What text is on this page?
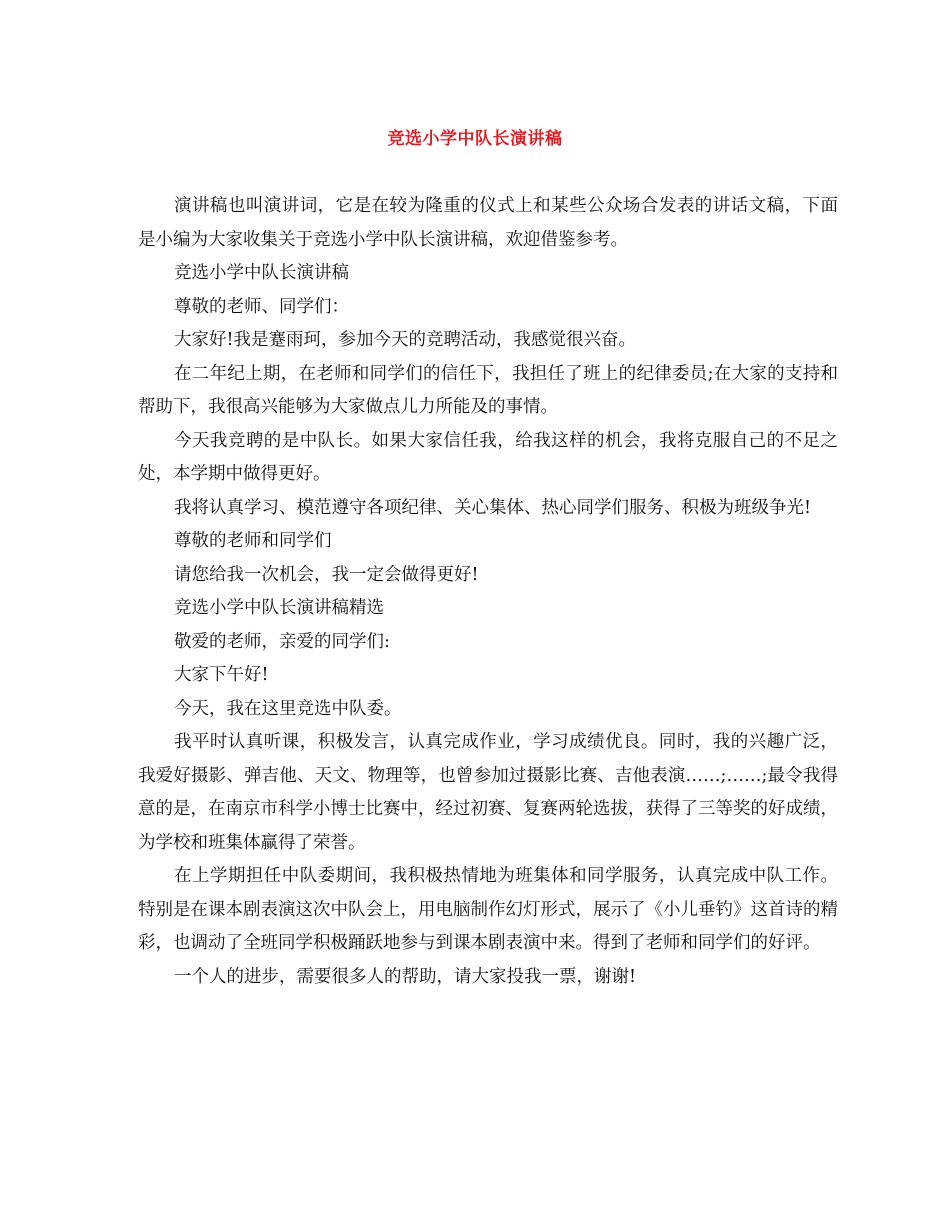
竞选小学中队长演讲稿

演讲稿也叫演讲词，它是在较为隆重的仪式上和某些公众场合发表的讲话文稿，下面是小编为大家收集关于竞选小学中队长演讲稿，欢迎借鉴参考。

竞选小学中队长演讲稿

尊敬的老师、同学们：

大家好!我是蹇雨珂，参加今天的竞聘活动，我感觉很兴奋。

在二年纪上期，在老师和同学们的信任下，我担任了班上的纪律委员;在大家的支持和帮助下，我很高兴能够为大家做点儿力所能及的事情。

今天我竞聘的是中队长。如果大家信任我，给我这样的机会，我将克服自己的不足之处，本学期中做得更好。

我将认真学习、模范遵守各项纪律、关心集体、热心同学们服务、积极为班级争光!

尊敬的老师和同学们

请您给我一次机会，我一定会做得更好!

竞选小学中队长演讲稿精选

敬爱的老师，亲爱的同学们:

大家下午好!

今天，我在这里竞选中队委。

我平时认真听课，积极发言，认真完成作业，学习成绩优良。同时，我的兴趣广泛，我爱好摄影、弹吉他、天文、物理等，也曾参加过摄影比赛、吉他表演……;……;最令我得意的是，在南京市科学小博士比赛中，经过初赛、复赛两轮选拔，获得了三等奖的好成绩，为学校和班集体赢得了荣誉。

在上学期担任中队委期间，我积极热情地为班集体和同学服务，认真完成中队工作。特别是在课本剧表演这次中队会上，用电脑制作幻灯形式，展示了《小儿垂钓》这首诗的精彩，也调动了全班同学积极踊跃地参与到课本剧表演中来。得到了老师和同学们的好评。

一个人的进步，需要很多人的帮助，请大家投我一票，谢谢!
